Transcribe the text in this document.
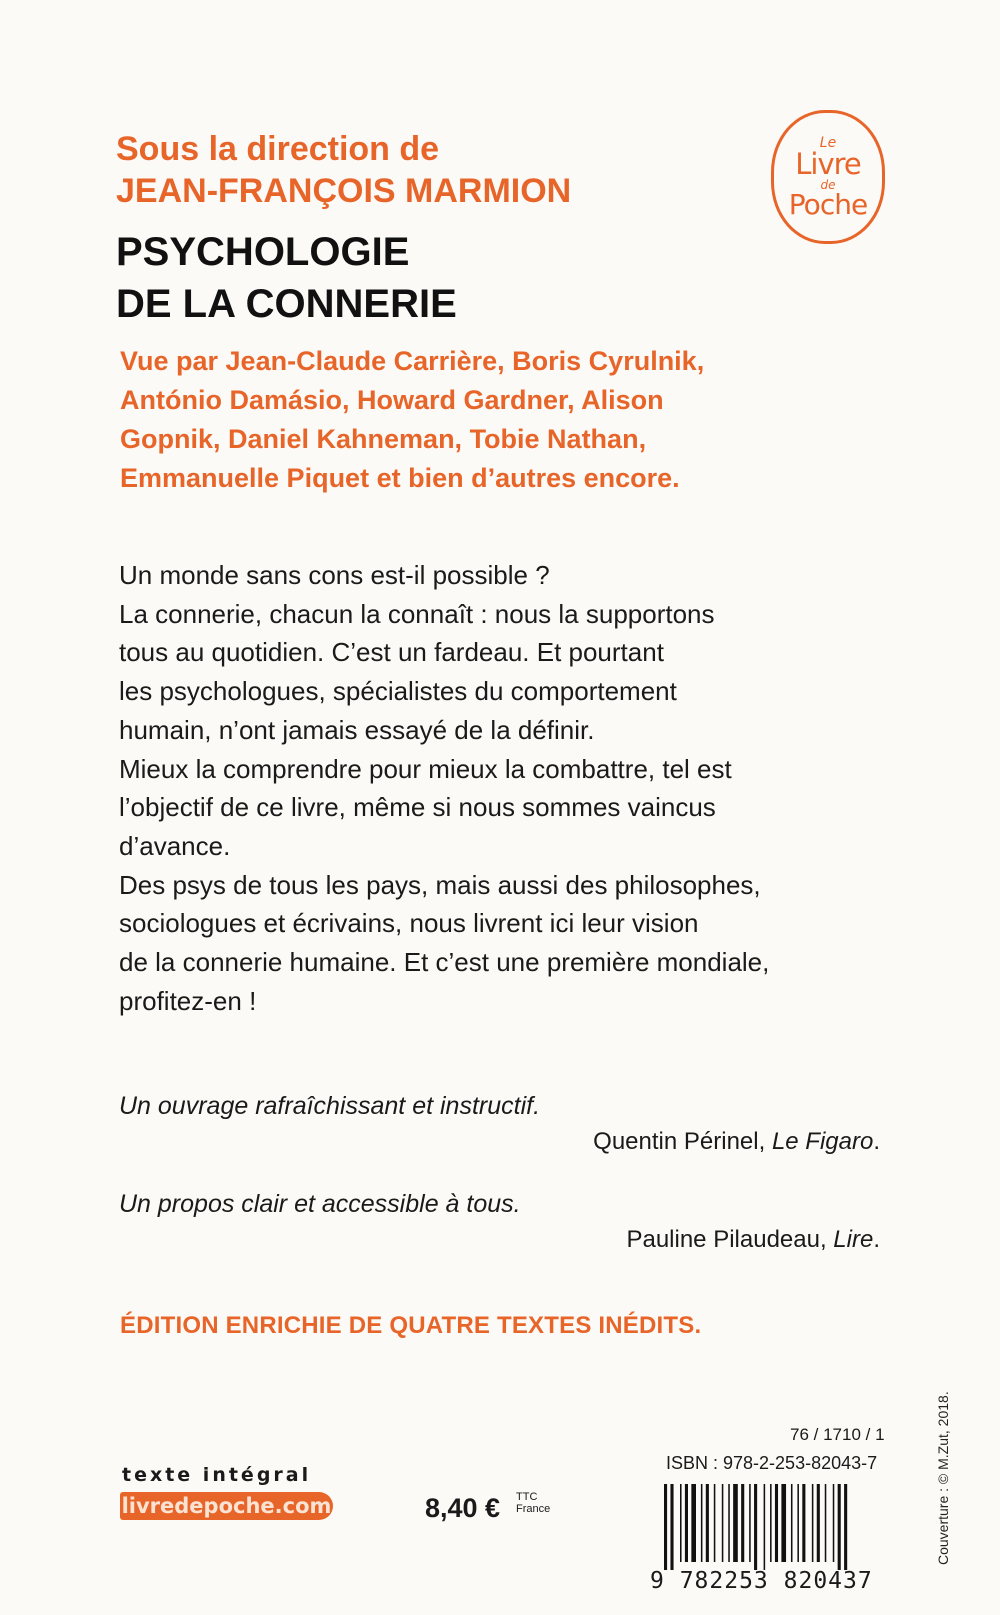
Sous la direction de
JEAN-FRANÇOIS MARMION
PSYCHOLOGIE
DE LA CONNERIE
Vue par Jean-Claude Carrière, Boris Cyrulnik,
António Damásio, Howard Gardner, Alison
Gopnik, Daniel Kahneman, Tobie Nathan,
Emmanuelle Piquet et bien d’autres encore.
Le
Livre
de
Poche

Un monde sans cons est-il possible ?

La connerie, chacun la connaît : nous la supportons

tous au quotidien. C’est un fardeau. Et pourtant

les psychologues, spécialistes du comportement

humain, n’ont jamais essayé de la définir.

Mieux la comprendre pour mieux la combattre, tel est

l’objectif de ce livre, même si nous sommes vaincus

d’avance.

Des psys de tous les pays, mais aussi des philosophes,

sociologues et écrivains, nous livrent ici leur vision

de la connerie humaine. Et c’est une première mondiale,

profitez-en !

Un ouvrage rafraîchissant et instructif.

Quentin Périnel, Le Figaro.

Un propos clair et accessible à tous.

Pauline Pilaudeau, Lire.

ÉDITION ENRICHIE DE QUATRE TEXTES INÉDITS.
Couverture : © M.Zut, 2018.
texte intégral
livredepoche.com	8,40 € TTC
France
76 / 1710 / 1
ISBN : 978-2-253-82043-7
9 782253 820437
